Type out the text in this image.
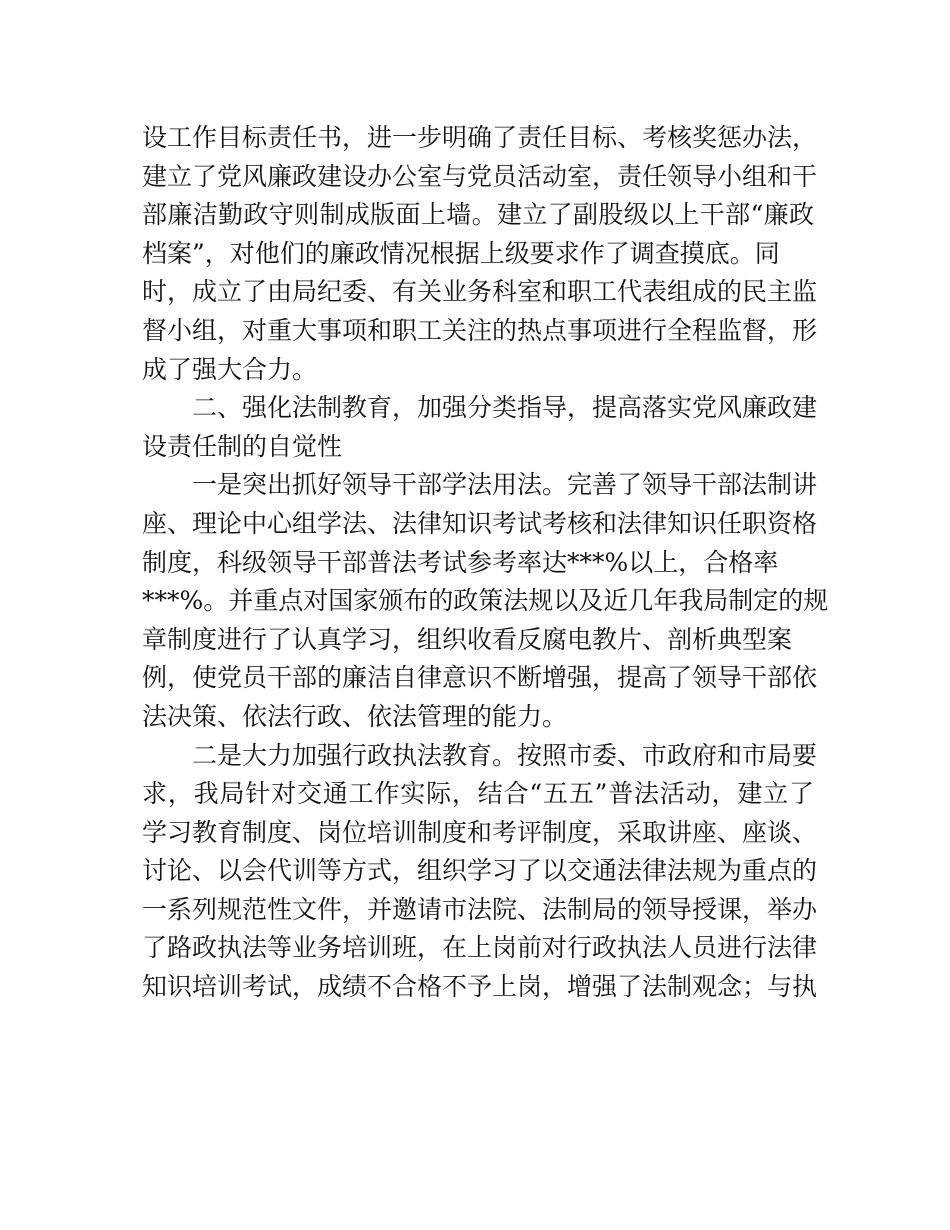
设工作目标责任书，进一步明确了责任目标、考核奖惩办法，
建立了党风廉政建设办公室与党员活动室，责任领导小组和干
部廉洁勤政守则制成版面上墙。建立了副股级以上干部“廉政
档案”，对他们的廉政情况根据上级要求作了调查摸底。同
时，成立了由局纪委、有关业务科室和职工代表组成的民主监
督小组，对重大事项和职工关注的热点事项进行全程监督，形
成了强大合力。
二、强化法制教育，加强分类指导，提高落实党风廉政建
设责任制的自觉性
一是突出抓好领导干部学法用法。完善了领导干部法制讲
座、理论中心组学法、法律知识考试考核和法律知识任职资格
制度，科级领导干部普法考试参考率达***%以上，合格率
***%。并重点对国家颁布的政策法规以及近几年我局制定的规
章制度进行了认真学习，组织收看反腐电教片、剖析典型案
例，使党员干部的廉洁自律意识不断增强，提高了领导干部依
法决策、依法行政、依法管理的能力。
二是大力加强行政执法教育。按照市委、市政府和市局要
求，我局针对交通工作实际，结合“五五”普法活动，建立了
学习教育制度、岗位培训制度和考评制度，采取讲座、座谈、
讨论、以会代训等方式，组织学习了以交通法律法规为重点的
一系列规范性文件，并邀请市法院、法制局的领导授课，举办
了路政执法等业务培训班，在上岗前对行政执法人员进行法律
知识培训考试，成绩不合格不予上岗，增强了法制观念；与执
